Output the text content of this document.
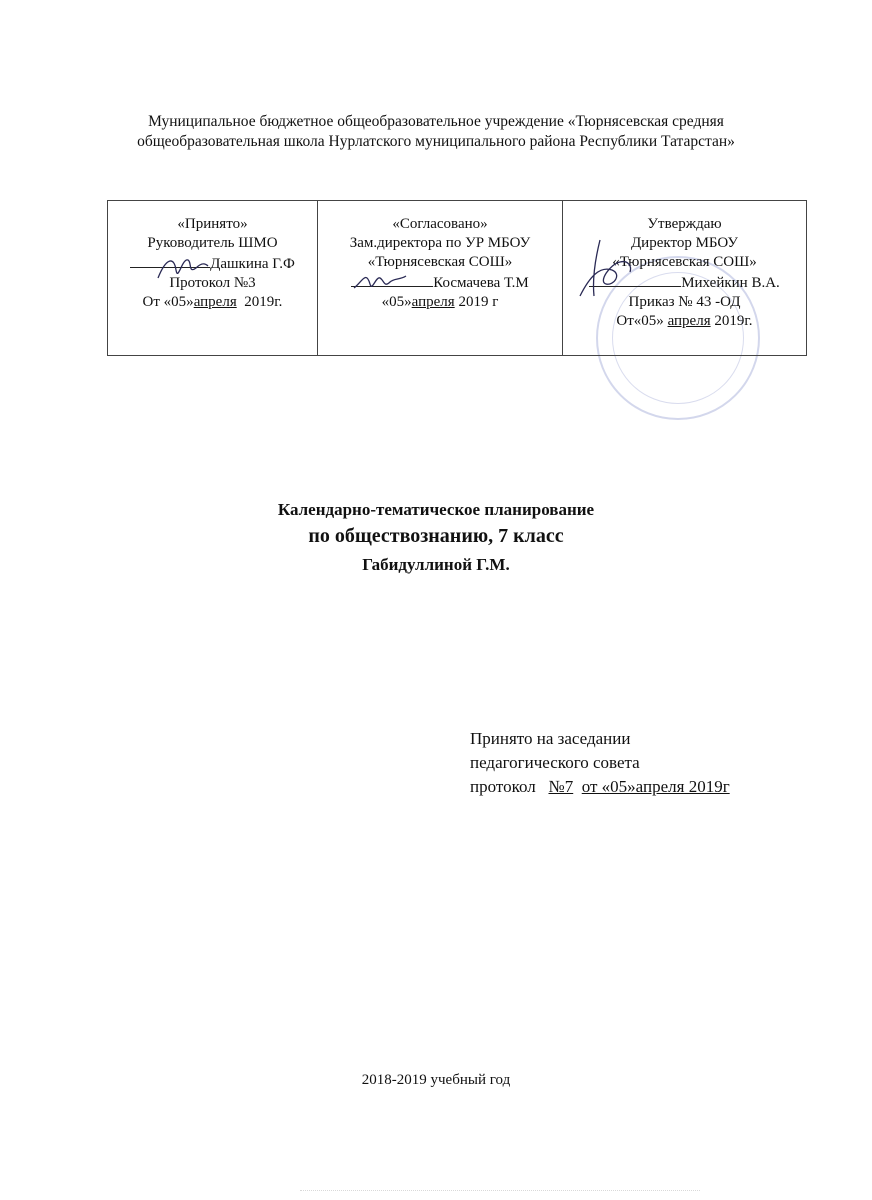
Муниципальное бюджетное общеобразовательное учреждение «Тюрнясевская средняя
общеобразовательная школа Нурлатского муниципального района Республики Татарстан»
«Принято»
Руководитель ШМО
Дашкина Г.Ф
Протокол №3
От «05»апреля 2019г.

«Согласовано»
Зам.директора по УР МБОУ
«Тюрнясевская СОШ»
Космачева Т.М
«05»апреля 2019 г

Утверждаю
Директор МБОУ
«Тюрнясевская СОШ»
Михейкин В.А.
Приказ № 43 -ОД
От«05» апреля 2019г.
Календарно-тематическое планирование
по обществознанию, 7 класс
Габидуллиной Г.М.
Принято на заседании
педагогического совета
протокол №7 от «05»апреля 2019г
2018-2019 учебный год
